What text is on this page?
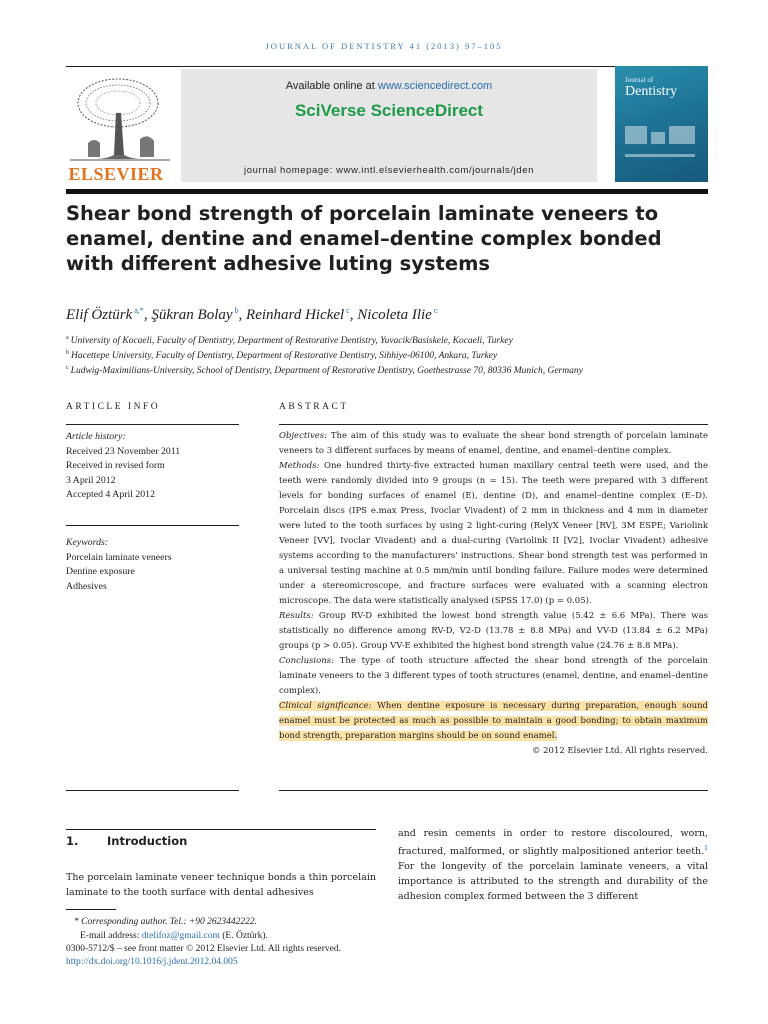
JOURNAL OF DENTISTRY 41 (2013) 97–105
ELSEVIER
Available online at www.sciencedirect.com
SciVerse ScienceDirect
journal homepage: www.intl.elsevierhealth.com/journals/jden
Journal of
Dentistry
Shear bond strength of porcelain laminate veneers to enamel, dentine and enamel–dentine complex bonded with different adhesive luting systems
Elif Öztürk $^{a,*}$, Şükran Bolay $^b$, Reinhard Hickel $^c$, Nicoleta Ilie $^c$
$^a$ University of Kocaeli, Faculty of Dentistry, Department of Restorative Dentistry, Yuvacik/Basiskele, Kocaeli, Turkey
$^b$ Hacettepe University, Faculty of Dentistry, Department of Restorative Dentistry, Sihhiye-06100, Ankara, Turkey
$^c$ Ludwig-Maximilians-University, School of Dentistry, Department of Restorative Dentistry, Goethestrasse 70, 80336 Munich, Germany
ARTICLE INFO
Article history:
Received 23 November 2011
Received in revised form
3 April 2012
Accepted 4 April 2012
Keywords:
Porcelain laminate veneers
Dentine exposure
Adhesives
ABSTRACT

Objectives: The aim of this study was to evaluate the shear bond strength of porcelain laminate veneers to 3 different surfaces by means of enamel, dentine, and enamel–dentine complex.

Methods: One hundred thirty-five extracted human maxillary central teeth were used, and the teeth were randomly divided into 9 groups (n = 15). The teeth were prepared with 3 different levels for bonding surfaces of enamel (E), dentine (D), and enamel–dentine complex (E–D). Porcelain discs (IPS e.max Press, Ivoclar Vivadent) of 2 mm in thickness and 4 mm in diameter were luted to the tooth surfaces by using 2 light-curing (RelyX Veneer [RV], 3M ESPE; Variolink Veneer [VV], Ivoclar Vivadent) and a dual-curing (Variolink II [V2], Ivoclar Vivadent) adhesive systems according to the manufacturers' instructions. Shear bond strength test was performed in a universal testing machine at 0.5 mm/min until bonding failure. Failure modes were determined under a stereomicroscope, and fracture surfaces were evaluated with a scanning electron microscope. The data were statistically analysed (SPSS 17.0) (p = 0.05).

Results: Group RV-D exhibited the lowest bond strength value (5.42 ± 6.6 MPa). There was statistically no difference among RV-D, V2-D (13.78 ± 8.8 MPa) and VV-D (13.84 ± 6.2 MPa) groups (p > 0.05). Group VV-E exhibited the highest bond strength value (24.76 ± 8.8 MPa).

Conclusions: The type of tooth structure affected the shear bond strength of the porcelain laminate veneers to the 3 different types of tooth structures (enamel, dentine, and enamel–dentine complex).

Clinical significance: When dentine exposure is necessary during preparation, enough sound enamel must be protected as much as possible to maintain a good bonding; to obtain maximum bond strength, preparation margins should be on sound enamel.

© 2012 Elsevier Ltd. All rights reserved.

1. Introduction
The porcelain laminate veneer technique bonds a thin porcelain laminate to the tooth surface with dental adhesives
and resin cements in order to restore discoloured, worn, fractured, malformed, or slightly malpositioned anterior teeth.$^1$ For the longevity of the porcelain laminate veneers, a vital importance is attributed to the strength and durability of the adhesion complex formed between the 3 different
* Corresponding author. Tel.: +90 2623442222.
E-mail address: dtelifoz@gmail.com (E. Öztürk).
0300-5712/$ – see front matter © 2012 Elsevier Ltd. All rights reserved.
http://dx.doi.org/10.1016/j.jdent.2012.04.005
